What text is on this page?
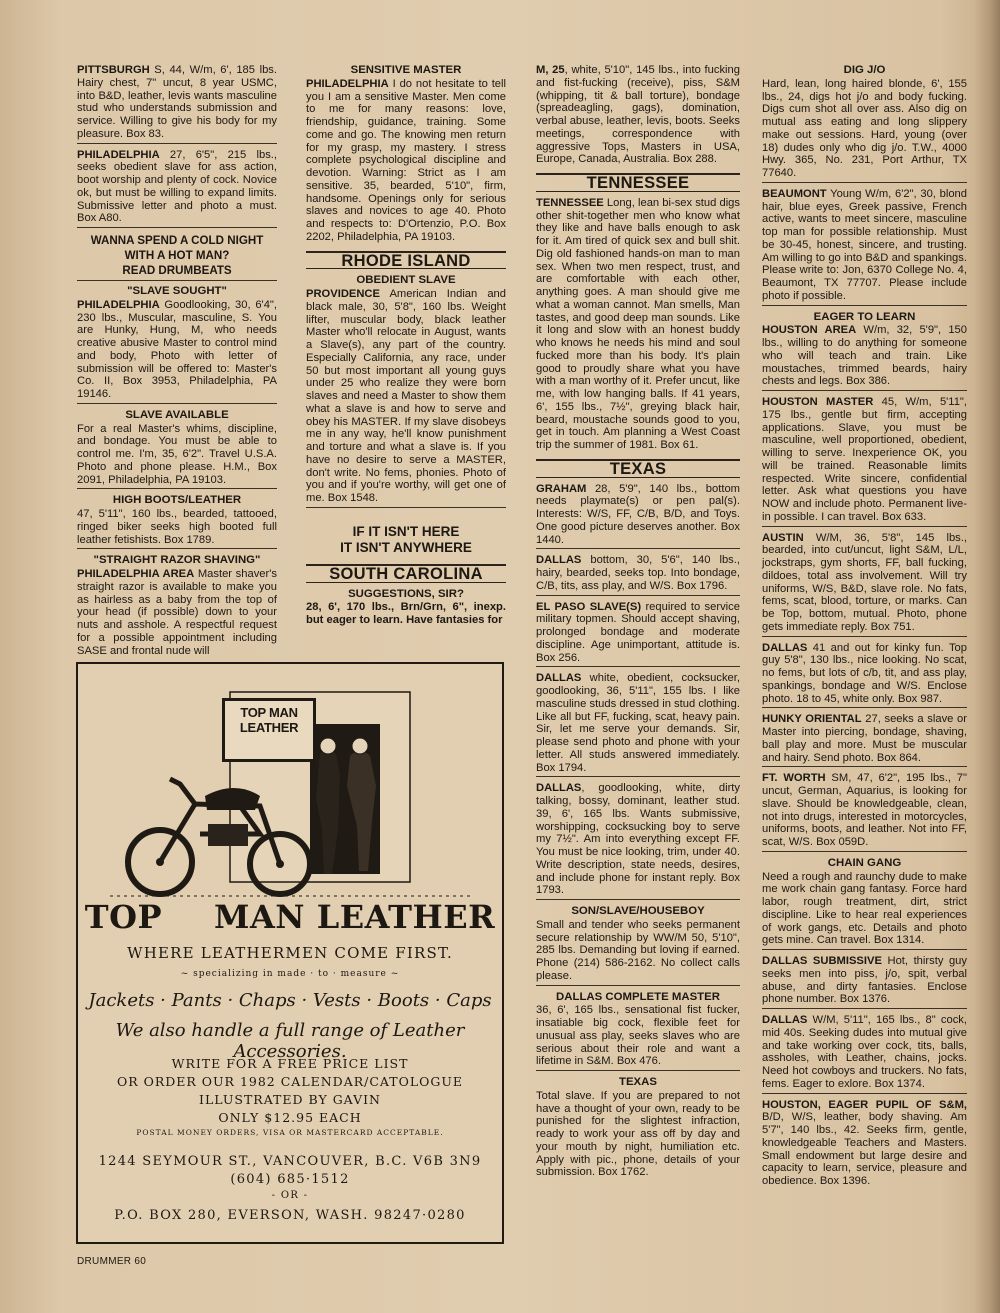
PITTSBURGH S, 44, W/m, 6', 185 lbs. Hairy chest, 7" uncut, 8 year USMC, into B&D, leather, levis wants masculine stud who understands submission and service. Willing to give his body for my pleasure. Box 83.
PHILADELPHIA 27, 6'5", 215 lbs., seeks obedient slave for ass action, boot worship and plenty of cock. Novice ok, but must be willing to expand limits. Submissive letter and photo a must. Box A80.
WANNA SPEND A COLD NIGHT
WITH A HOT MAN?
READ DRUMBEATS
"SLAVE SOUGHT"
PHILADELPHIA Goodlooking, 30, 6'4", 230 lbs., Muscular, masculine, S. You are Hunky, Hung, M, who needs creative abusive Master to control mind and body, Photo with letter of submission will be offered to: Master's Co. II, Box 3953, Philadelphia, PA 19146.
SLAVE AVAILABLE
For a real Master's whims, discipline, and bondage. You must be able to control me. I'm, 35, 6'2". Travel U.S.A. Photo and phone please. H.M., Box 2091, Philadelphia, PA 19103.
HIGH BOOTS/LEATHER
47, 5'11", 160 lbs., bearded, tattooed, ringed biker seeks high booted full leather fetishists. Box 1789.
"STRAIGHT RAZOR SHAVING"
PHILADELPHIA AREA Master shaver's straight razor is available to make you as hairless as a baby from the top of your head (if possible) down to your nuts and asshole. A respectful request for a possible appointment including SASE and frontal nude will
SENSITIVE MASTER
PHILADELPHIA I do not hesitate to tell you I am a sensitive Master. Men come to me for many reasons: love, friendship, guidance, training. Some come and go. The knowing men return for my grasp, my mastery. I stress complete psychological discipline and devotion. Warning: Strict as I am sensitive. 35, bearded, 5'10", firm, handsome. Openings only for serious slaves and novices to age 40. Photo and respects to: D'Ortenzio, P.O. Box 2202, Philadelphia, PA 19103.
RHODE ISLAND
OBEDIENT SLAVE
PROVIDENCE American Indian and black male, 30, 5'8", 160 lbs. Weight lifter, muscular body, black leather Master who'll relocate in August, wants a Slave(s), any part of the country. Especially California, any race, under 50 but most important all young guys under 25 who realize they were born slaves and need a Master to show them what a slave is and how to serve and obey his MASTER. If my slave disobeys me in any way, he'll know punishment and torture and what a slave is. If you have no desire to serve a MASTER, don't write. No fems, phonies. Photo of you and if you're worthy, will get one of me. Box 1548.
IF IT ISN'T HERE
IT ISN'T ANYWHERE
SOUTH CAROLINA
SUGGESTIONS, SIR?
28, 6', 170 lbs., Brn/Grn, 6", inexp. but eager to learn. Have fantasies for
M, 25, white, 5'10", 145 lbs., into fucking and fist-fucking (receive), piss, S&M (whipping, tit & ball torture), bondage (spreadeagling, gags), domination, verbal abuse, leather, levis, boots. Seeks meetings, correspondence with aggressive Tops, Masters in USA, Europe, Canada, Australia. Box 288.
TENNESSEE
TENNESSEE Long, lean bi-sex stud digs other shit-together men who know what they like and have balls enough to ask for it. Am tired of quick sex and bull shit. Dig old fashioned hands-on man to man sex. When two men respect, trust, and are comfortable with each other, anything goes. A man should give me what a woman cannot. Man smells, Man tastes, and good deep man sounds. Like it long and slow with an honest buddy who knows he needs his mind and soul fucked more than his body. It's plain good to proudly share what you have with a man worthy of it. Prefer uncut, like me, with low hanging balls. If 41 years, 6', 155 lbs., 7½", greying black hair, beard, moustache sounds good to you, get in touch. Am planning a West Coast trip the summer of 1981. Box 61.
TEXAS
GRAHAM 28, 5'9", 140 lbs., bottom needs playmate(s) or pen pal(s). Interests: W/S, FF, C/B, B/D, and Toys. One good picture deserves another. Box 1440.
DALLAS bottom, 30, 5'6", 140 lbs., hairy, bearded, seeks top. Into bondage, C/B, tits, ass play, and W/S. Box 1796.
EL PASO SLAVE(S) required to service military topmen. Should accept shaving, prolonged bondage and moderate discipline. Age unimportant, attitude is. Box 256.
DALLAS white, obedient, cocksucker, goodlooking, 36, 5'11", 155 lbs. I like masculine studs dressed in stud clothing. Like all but FF, fucking, scat, heavy pain. Sir, let me serve your demands. Sir, please send photo and phone with your letter. All studs answered immediately. Box 1794.
DALLAS, goodlooking, white, dirty talking, bossy, dominant, leather stud. 39, 6', 165 lbs. Wants submissive, worshipping, cocksucking boy to serve my 7½". Am into everything except FF. You must be nice looking, trim, under 40. Write description, state needs, desires, and include phone for instant reply. Box 1793.
SON/SLAVE/HOUSEBOY
Small and tender who seeks permanent secure relationship by WW/M 50, 5'10", 285 lbs. Demanding but loving if earned. Phone (214) 586-2162. No collect calls please.
DALLAS COMPLETE MASTER
36, 6', 165 lbs., sensational fist fucker, insatiable big cock, flexible feet for unusual ass play, seeks slaves who are serious about their role and want a lifetime in S&M. Box 476.
TEXAS
Total slave. If you are prepared to not have a thought of your own, ready to be punished for the slightest infraction, ready to work your ass off by day and your mouth by night, humiliation etc. Apply with pic., phone, details of your submission. Box 1762.
DIG J/O
Hard, lean, long haired blonde, 6', 155 lbs., 24, digs hot j/o and body fucking. Digs cum shot all over ass. Also dig on mutual ass eating and long slippery make out sessions. Hard, young (over 18) dudes only who dig j/o. T.W., 4000 Hwy. 365, No. 231, Port Arthur, TX 77640.
BEAUMONT Young W/m, 6'2", 30, blond hair, blue eyes, Greek passive, French active, wants to meet sincere, masculine top man for possible relationship. Must be 30-45, honest, sincere, and trusting. Am willing to go into B&D and spankings. Please write to: Jon, 6370 College No. 4, Beaumont, TX 77707. Please include photo if possible.
EAGER TO LEARN
HOUSTON AREA W/m, 32, 5'9", 150 lbs., willing to do anything for someone who will teach and train. Like moustaches, trimmed beards, hairy chests and legs. Box 386.
HOUSTON MASTER 45, W/m, 5'11", 175 lbs., gentle but firm, accepting applications. Slave, you must be masculine, well proportioned, obedient, willing to serve. Inexperience OK, you will be trained. Reasonable limits respected. Write sincere, confidential letter. Ask what questions you have NOW and include photo. Permanent live-in possible. I can travel. Box 633.
AUSTIN W/M, 36, 5'8", 145 lbs., bearded, into cut/uncut, light S&M, L/L, jockstraps, gym shorts, FF, ball fucking, dildoes, total ass involvement. Will try uniforms, W/S, B&D, slave role. No fats, fems, scat, blood, torture, or marks. Can be Top, bottom, mutual. Photo, phone gets immediate reply. Box 751.
DALLAS 41 and out for kinky fun. Top guy 5'8", 130 lbs., nice looking. No scat, no fems, but lots of c/b, tit, and ass play, spankings, bondage and W/S. Enclose photo. 18 to 45, white only. Box 987.
HUNKY ORIENTAL 27, seeks a slave or Master into piercing, bondage, shaving, ball play and more. Must be muscular and hairy. Send photo. Box 864.
FT. WORTH SM, 47, 6'2", 195 lbs., 7" uncut, German, Aquarius, is looking for slave. Should be knowledgeable, clean, not into drugs, interested in motorcycles, uniforms, boots, and leather. Not into FF, scat, W/S. Box 059D.
CHAIN GANG
Need a rough and raunchy dude to make me work chain gang fantasy. Force hard labor, rough treatment, dirt, strict discipline. Like to hear real experiences of work gangs, etc. Details and photo gets mine. Can travel. Box 1314.
DALLAS SUBMISSIVE Hot, thirsty guy seeks men into piss, j/o, spit, verbal abuse, and dirty fantasies. Enclose phone number. Box 1376.
DALLAS W/M, 5'11", 165 lbs., 8" cock, mid 40s. Seeking dudes into mutual give and take working over cock, tits, balls, assholes, with Leather, chains, jocks. Need hot cowboys and truckers. No fats, fems. Eager to exlore. Box 1374.
HOUSTON, EAGER PUPIL OF S&M, B/D, W/S, leather, body shaving. Am 5'7", 140 lbs., 42. Seeks firm, gentle, knowledgeable Teachers and Masters. Small endowment but large desire and capacity to learn, service, pleasure and obedience. Box 1396.
TOP MAN
LEATHER
TOP MAN LEATHER
WHERE LEATHERMEN COME FIRST.
~ specializing in made · to · measure ~
Jackets · Pants · Chaps · Vests · Boots · Caps
We also handle a full range of Leather Accessories.
WRITE FOR A FREE PRICE LIST
OR ORDER OUR 1982 CALENDAR/CATOLOGUE
ILLUSTRATED BY GAVIN
ONLY $12.95 EACH
POSTAL MONEY ORDERS, VISA OR MASTERCARD ACCEPTABLE.
1244 SEYMOUR ST., VANCOUVER, B.C. V6B 3N9
(604) 685·1512
- OR -
P.O. BOX 280, EVERSON, WASH. 98247·0280
DRUMMER 60
